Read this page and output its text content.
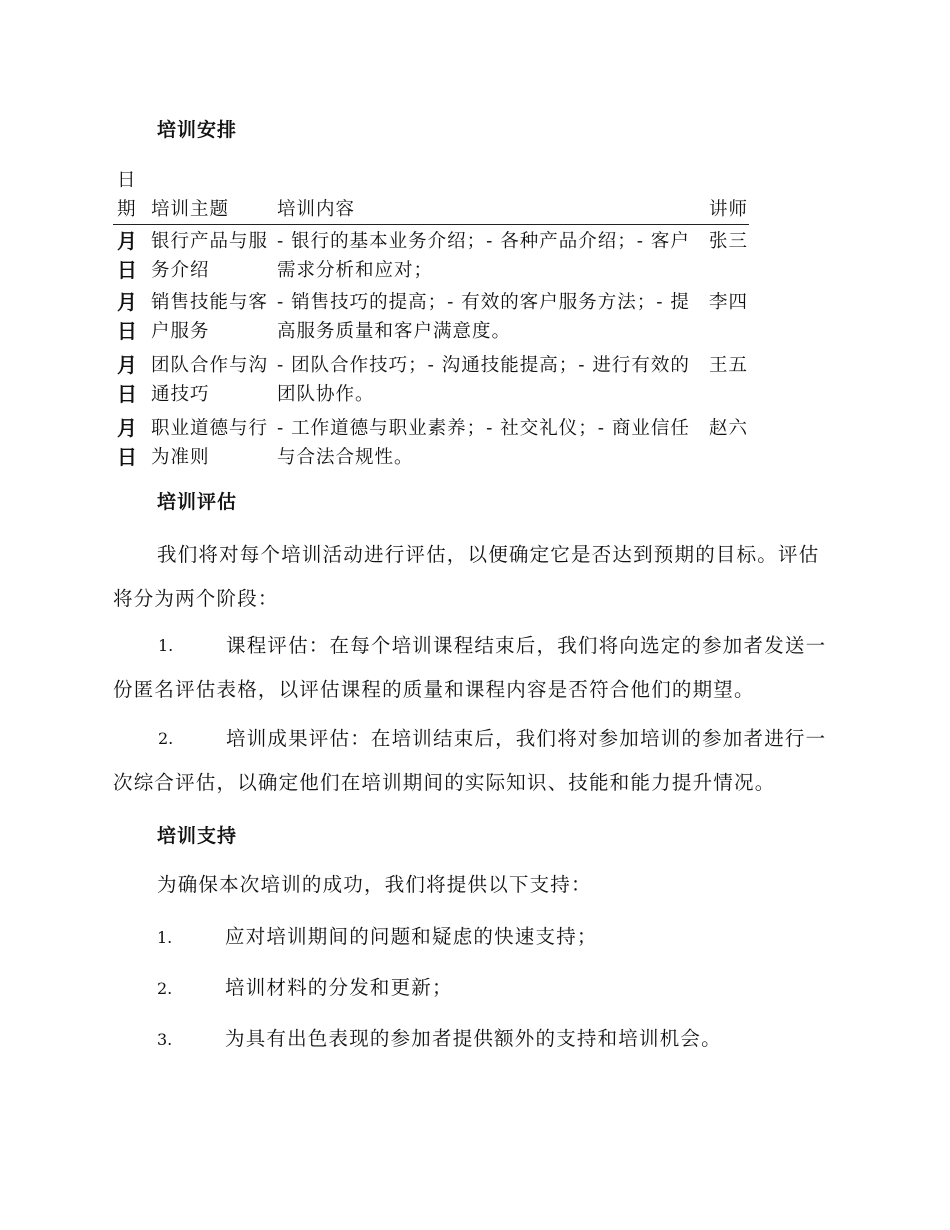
培训安排
日期	培训主题	培训内容	讲师
月日	银行产品与服务介绍	- 银行的基本业务介绍；- 各种产品介绍；- 客户需求分析和应对；	张三
月日	销售技能与客户服务	- 销售技巧的提高；- 有效的客户服务方法；- 提高服务质量和客户满意度。	李四
月日	团队合作与沟通技巧	- 团队合作技巧；- 沟通技能提高；- 进行有效的团队协作。	王五
月日	职业道德与行为准则	- 工作道德与职业素养；- 社交礼仪；- 商业信任与合法合规性。	赵六
培训评估

我们将对每个培训活动进行评估，以便确定它是否达到预期的目标。评估将分为两个阶段：

1.	课程评估：在每个培训课程结束后，我们将向选定的参加者发送一份匿名评估表格，以评估课程的质量和课程内容是否符合他们的期望。
2.	培训成果评估：在培训结束后，我们将对参加培训的参加者进行一次综合评估，以确定他们在培训期间的实际知识、技能和能力提升情况。
培训支持

为确保本次培训的成功，我们将提供以下支持：

1.	应对培训期间的问题和疑虑的快速支持；
2.	培训材料的分发和更新；
3.	为具有出色表现的参加者提供额外的支持和培训机会。
